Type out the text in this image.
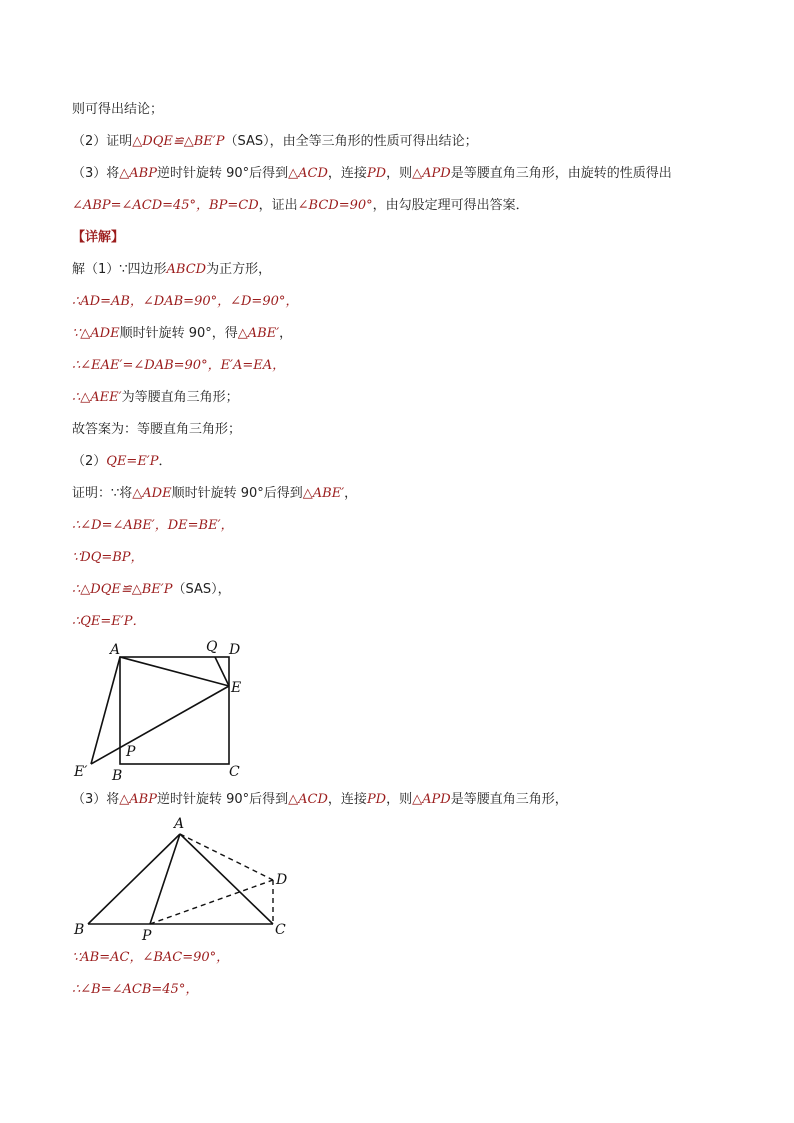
则可得出结论；
（2）证明△DQE≌△BE′P（SAS），由全等三角形的性质可得出结论；
（3）将△ABP逆时针旋转 90°后得到△ACD，连接PD，则△APD是等腰直角三角形，由旋转的性质得出
∠ABP=∠ACD=45°，BP=CD，证出∠BCD=90°，由勾股定理可得出答案．
【详解】
解（1）∵四边形ABCD为正方形，
∴AD=AB，∠DAB=90°，∠D=90°，
∵△ADE顺时针旋转 90°，得△ABE′，
∴∠EAE′=∠DAB=90°，E′A=EA，
∴△AEE′为等腰直角三角形；
故答案为：等腰直角三角形；
（2）QE=E′P．
证明：∵将△ADE顺时针旋转 90°后得到△ABE′，
∴∠D=∠ABE′，DE=BE′，
∵DQ=BP，
∴△DQE≌△BE′P（SAS），
∴QE=E′P．
A	Q D
E
P
E′ B	C
（3）将△ABP逆时针旋转 90°后得到△ACD，连接PD，则△APD是等腰直角三角形，
A
D
B	P	C
∵AB=AC，∠BAC=90°，
∴∠B=∠ACB=45°，
